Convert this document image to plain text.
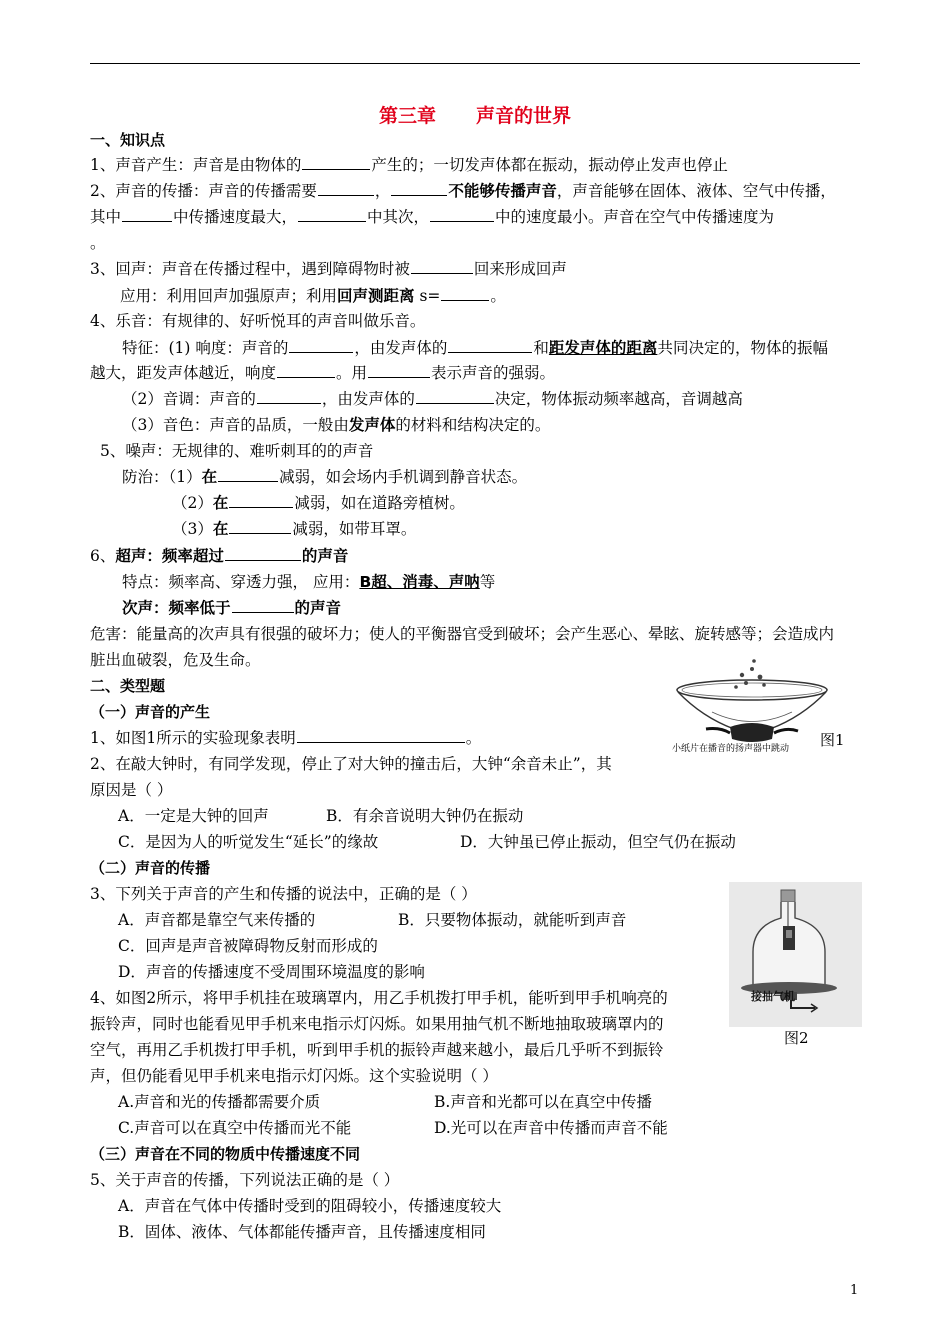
第三章 声音的世界
一、知识点
1、声音产生：声音是由物体的	产生的；一切发声体都在振动，振动停止发声也停止
2、声音的传播：声音的传播需要	，	不能够传播声音，声音能够在固体、液体、空气中传播，
其中	中传播速度最大，	中其次，	中的速度最小。声音在空气中传播速度为
。
3、回声：声音在传播过程中，遇到障碍物时被	回来形成回声
应用：利用回声加强原声；利用回声测距离 s=	。
4、乐音：有规律的、好听悦耳的声音叫做乐音。
特征：(1) 响度：声音的	，由发声体的	和距发声体的距离共同决定的，物体的振幅
越大，距发声体越近，响度	。用	表示声音的强弱。
（2）音调：声音的	，由发声体的	决定，物体振动频率越高，音调越高
（3）音色：声音的品质，一般由发声体的材料和结构决定的。
5、噪声：无规律的、难听刺耳的的声音
防治：（1）在	减弱，如会场内手机调到静音状态。
（2）在	减弱，如在道路旁植树。
（3）在	减弱，如带耳罩。
6、超声：频率超过	的声音
特点：频率高、穿透力强， 应用：B超、消毒、声呐等
次声：频率低于	的声音
危害：能量高的次声具有很强的破坏力；使人的平衡器官受到破坏；会产生恶心、晕眩、旋转感等；会造成内
脏出血破裂，危及生命。
二、类型题
（一）声音的产生
1、如图1所示的实验现象表明	。
2、在敲大钟时，有同学发现，停止了对大钟的撞击后，大钟“余音未止”，其
原因是（ ）
A．一定是大钟的回声	B．有余音说明大钟仍在振动
C．是因为人的听觉发生“延长”的缘故	D．大钟虽已停止振动，但空气仍在振动
（二）声音的传播
3、下列关于声音的产生和传播的说法中，正确的是（ ）
A．声音都是靠空气来传播的	B．只要物体振动，就能听到声音
C．回声是声音被障碍物反射而形成的
D．声音的传播速度不受周围环境温度的影响
4、如图2所示，将甲手机挂在玻璃罩内，用乙手机拨打甲手机，能听到甲手机响亮的
振铃声，同时也能看见甲手机来电指示灯闪烁。如果用抽气机不断地抽取玻璃罩内的
空气，再用乙手机拨打甲手机，听到甲手机的振铃声越来越小，最后几乎听不到振铃
声，但仍能看见甲手机来电指示灯闪烁。这个实验说明（ ）
A.声音和光的传播都需要介质	B.声音和光都可以在真空中传播
C.声音可以在真空中传播而光不能	D.光可以在声音中传播而声音不能
（三）声音在不同的物质中传播速度不同
5、关于声音的传播，下列说法正确的是（ ）
A．声音在气体中传播时受到的阻碍较小，传播速度较大
B．固体、液体、气体都能传播声音，且传播速度相同
小纸片在播音的扬声器中跳动 图1
接抽气机
图2
1
